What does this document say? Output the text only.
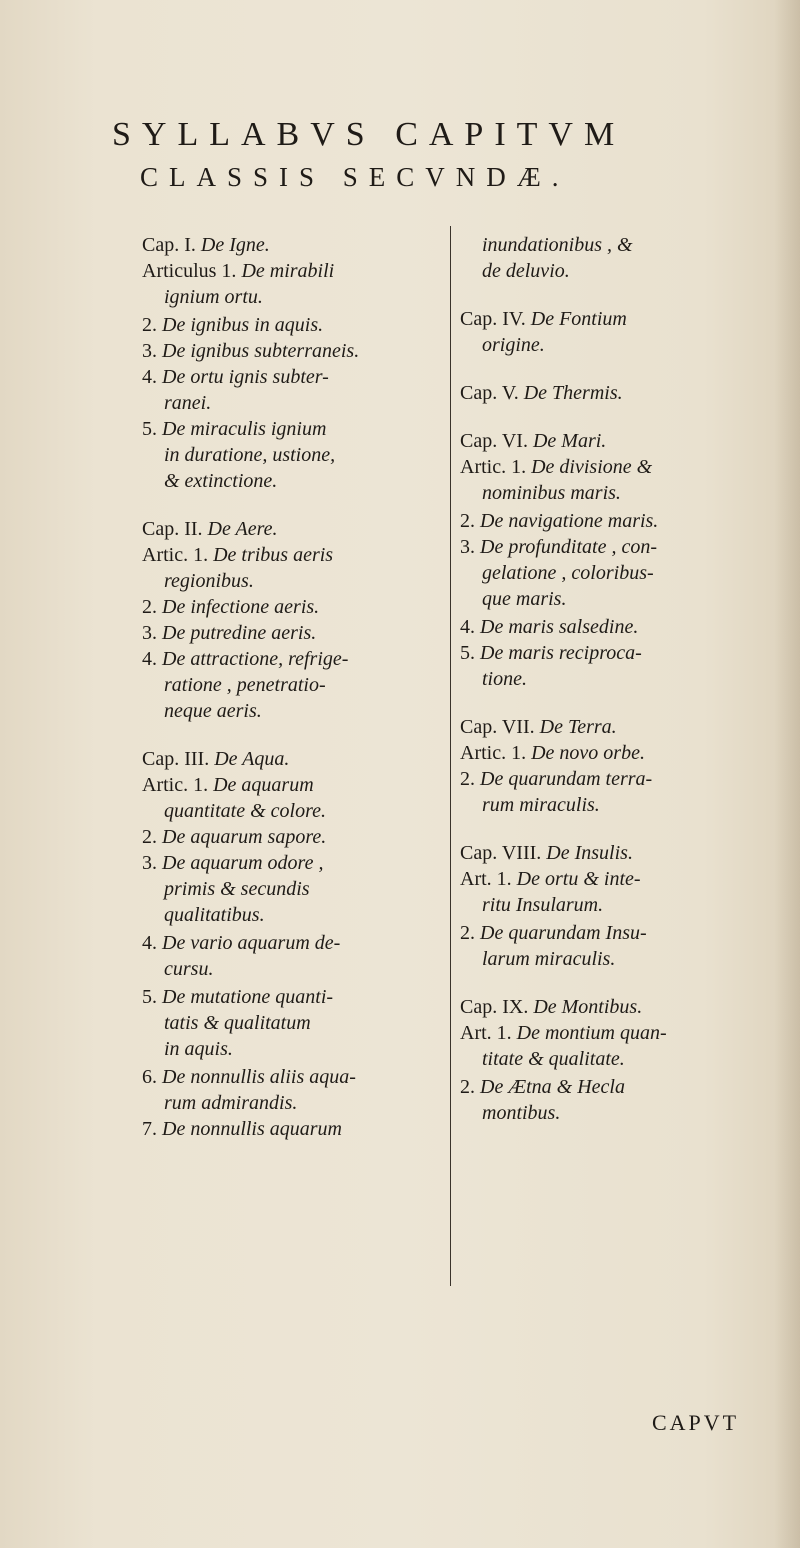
SYLLABVS CAPITVM
CLASSIS SECVNDÆ.
Cap. I. De Igne.
Articulus 1. De mirabili
ignium ortu.
2. De ignibus in aquis.
3. De ignibus subterraneis.
4. De ortu ignis subter-
ranei.
5. De miraculis ignium
in duratione, ustione,
& extinctione.
Cap. II. De Aere.
Artic. 1. De tribus aeris
regionibus.
2. De infectione aeris.
3. De putredine aeris.
4. De attractione, refrige-
ratione , penetratio-
neque aeris.
Cap. III. De Aqua.
Artic. 1. De aquarum
quantitate & colore.
2. De aquarum sapore.
3. De aquarum odore ,
primis & secundis
qualitatibus.
4. De vario aquarum de-
cursu.
5. De mutatione quanti-
tatis & qualitatum
in aquis.
6. De nonnullis aliis aqua-
rum admirandis.
7. De nonnullis aquarum
inundationibus , &
de deluvio.
Cap. IV. De Fontium
origine.
Cap. V. De Thermis.
Cap. VI. De Mari.
Artic. 1. De divisione &
nominibus maris.
2. De navigatione maris.
3. De profunditate , con-
gelatione , coloribus-
que maris.
4. De maris salsedine.
5. De maris reciproca-
tione.
Cap. VII. De Terra.
Artic. 1. De novo orbe.
2. De quarundam terra-
rum miraculis.
Cap. VIII. De Insulis.
Art. 1. De ortu & inte-
ritu Insularum.
2. De quarundam Insu-
larum miraculis.
Cap. IX. De Montibus.
Art. 1. De montium quan-
titate & qualitate.
2. De Ætna & Hecla
montibus.
CAPVT
